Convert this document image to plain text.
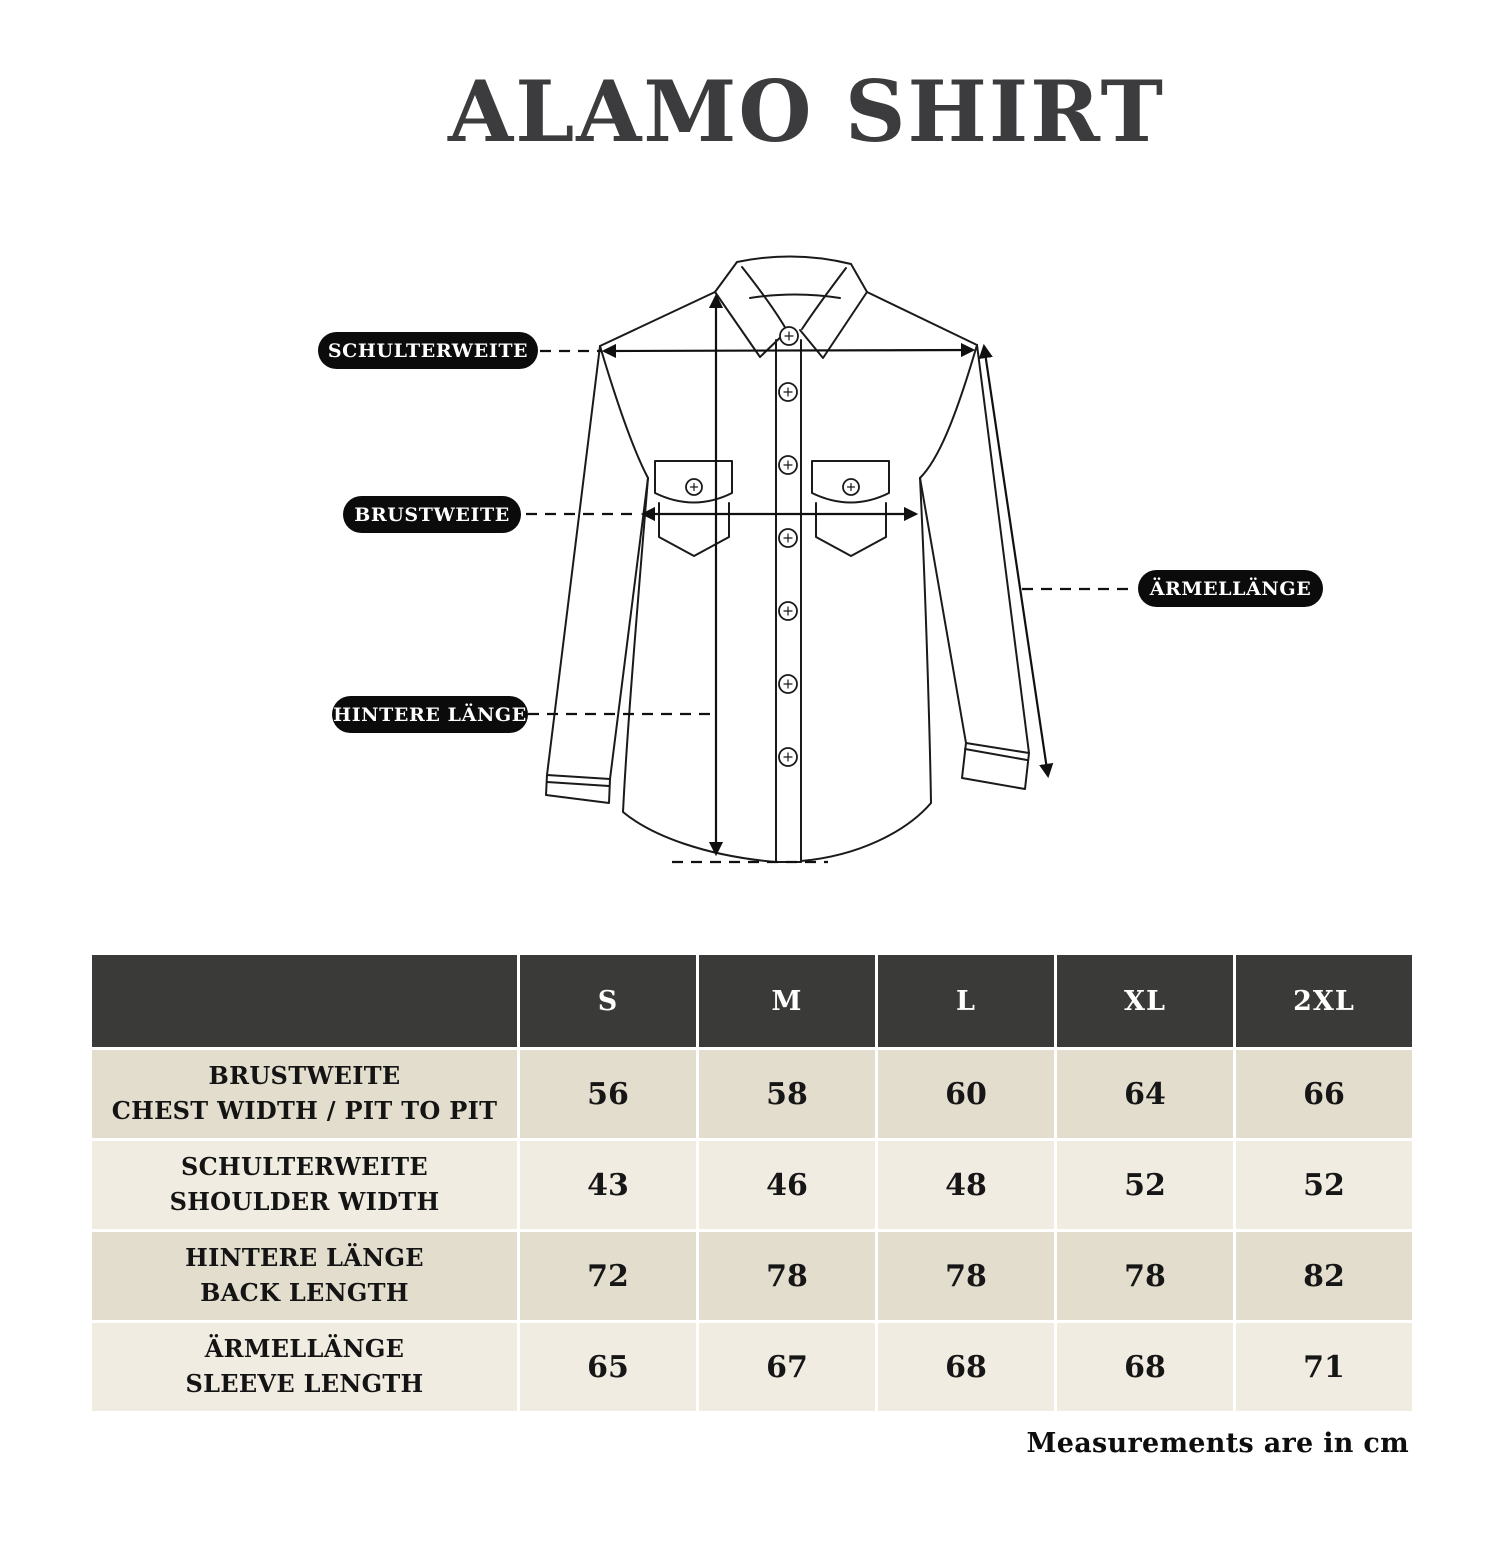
ALAMO SHIRT
SCHULTERWEITE
BRUSTWEITE
HINTERE LÄNGE
ÄRMELLÄNGE
S	M	L	XL	2XL
BRUSTWEITE
CHEST WIDTH / PIT TO PIT	56	58	60	64	66
SCHULTERWEITE
SHOULDER WIDTH	43	46	48	52	52
HINTERE LÄNGE
BACK LENGTH	72	78	78	78	82
ÄRMELLÄNGE
SLEEVE LENGTH	65	67	68	68	71
Measurements are in cm
